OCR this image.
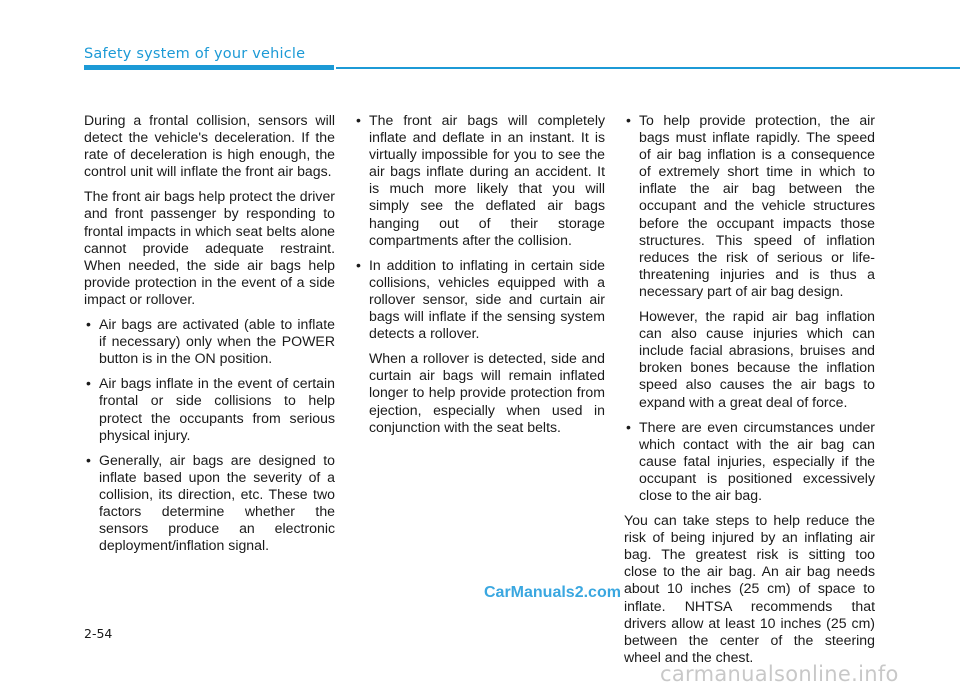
Safety system of your vehicle

During a frontal collision, sensors will detect the vehicle's deceleration. If the rate of deceleration is high enough, the control unit will inflate the front air bags.

The front air bags help protect the driver and front passenger by responding to frontal impacts in which seat belts alone cannot provide adequate restraint. When needed, the side air bags help provide protection in the event of a side impact or rollover.

• Air bags are activated (able to inflate if necessary) only when the POWER button is in the ON position.
• Air bags inflate in the event of certain frontal or side collisions to help protect the occupants from serious physical injury.
• Generally, air bags are designed to inflate based upon the severity of a collision, its direction, etc. These two factors determine whether the sensors produce an electronic deployment/inflation signal.
• The front air bags will completely inflate and deflate in an instant. It is virtually impossible for you to see the air bags inflate during an accident. It is much more likely that you will simply see the deflated air bags hanging out of their storage compartments after the collision.
• In addition to inflating in certain side collisions, vehicles equipped with a rollover sensor, side and curtain air bags will inflate if the sensing system detects a rollover.
When a rollover is detected, side and curtain air bags will remain inflated longer to help provide protection from ejection, especially when used in conjunction with the seat belts.
• To help provide protection, the air bags must inflate rapidly. The speed of air bag inflation is a consequence of extremely short time in which to inflate the air bag between the occupant and the vehicle structures before the occupant impacts those structures. This speed of inflation reduces the risk of serious or life-threatening injuries and is thus a necessary part of air bag design.
However, the rapid air bag inflation can also cause injuries which can include facial abrasions, bruises and broken bones because the inflation speed also causes the air bags to expand with a great deal of force.
• There are even circumstances under which contact with the air bag can cause fatal injuries, especially if the occupant is positioned excessively close to the air bag.

You can take steps to help reduce the risk of being injured by an inflating air bag. The greatest risk is sitting too close to the air bag. An air bag needs about 10 inches (25 cm) of space to inflate. NHTSA recommends that drivers allow at least 10 inches (25 cm) between the center of the steering wheel and the chest.

CarManuals2.com
2-54
carmanualsonline.info
